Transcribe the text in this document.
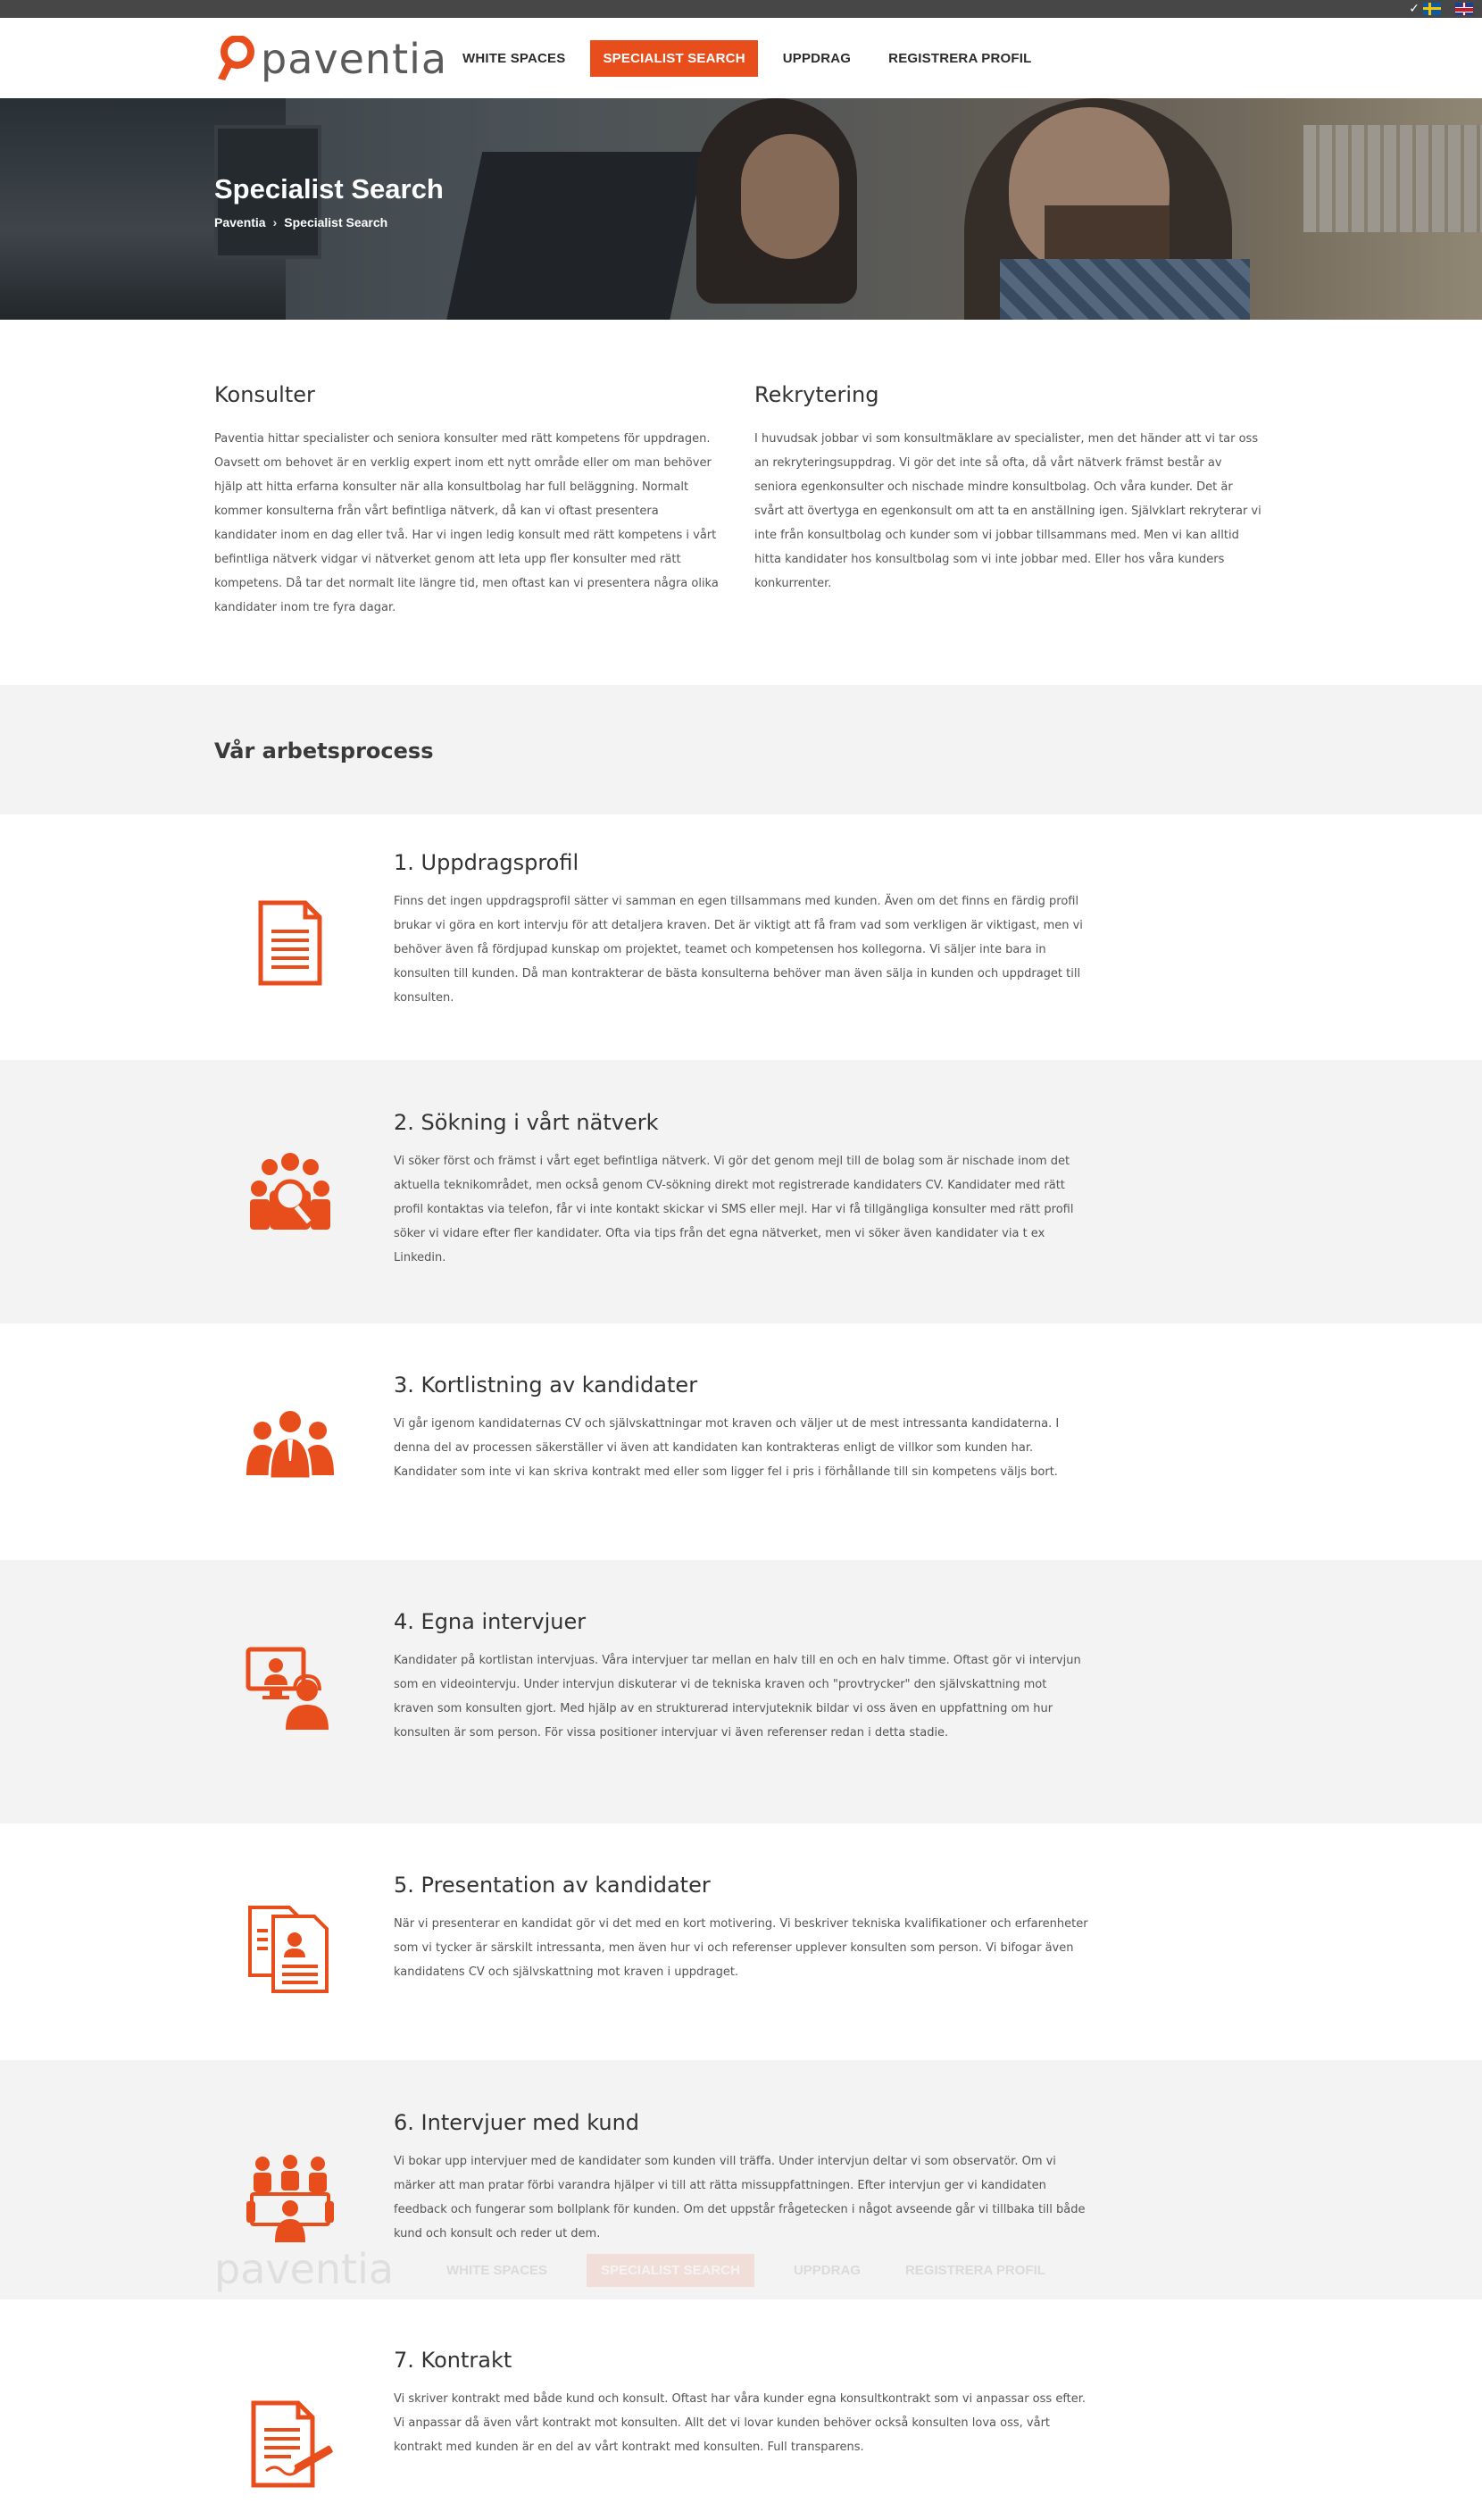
✓
paventia	WHITE SPACES	SPECIALIST SEARCH	UPPDRAG	REGISTRERA PROFIL
Specialist Search
Paventia › Specialist Search
Konsulter

Paventia hittar specialister och seniora konsulter med rätt kompetens för uppdragen. Oavsett om behovet är en verklig expert inom ett nytt område eller om man behöver hjälp att hitta erfarna konsulter när alla konsultbolag har full beläggning. Normalt kommer konsulterna från vårt befintliga nätverk, då kan vi oftast presentera kandidater inom en dag eller två. Har vi ingen ledig konsult med rätt kompetens i vårt befintliga nätverk vidgar vi nätverket genom att leta upp fler konsulter med rätt kompetens. Då tar det normalt lite längre tid, men oftast kan vi presentera några olika kandidater inom tre fyra dagar.

Rekrytering

I huvudsak jobbar vi som konsultmäklare av specialister, men det händer att vi tar oss an rekryteringsuppdrag. Vi gör det inte så ofta, då vårt nätverk främst består av seniora egenkonsulter och nischade mindre konsultbolag. Och våra kunder. Det är svårt att övertyga en egenkonsult om att ta en anställning igen. Självklart rekryterar vi inte från konsultbolag och kunder som vi jobbar tillsammans med. Men vi kan alltid hitta kandidater hos konsultbolag som vi inte jobbar med. Eller hos våra kunders konkurrenter.

Vår arbetsprocess
1. Uppdragsprofil

Finns det ingen uppdragsprofil sätter vi samman en egen tillsammans med kunden. Även om det finns en färdig profil brukar vi göra en kort intervju för att detaljera kraven. Det är viktigt att få fram vad som verkligen är viktigast, men vi behöver även få fördjupad kunskap om projektet, teamet och kompetensen hos kollegorna. Vi säljer inte bara in konsulten till kunden. Då man kontrakterar de bästa konsulterna behöver man även sälja in kunden och uppdraget till konsulten.

2. Sökning i vårt nätverk

Vi söker först och främst i vårt eget befintliga nätverk. Vi gör det genom mejl till de bolag som är nischade inom det aktuella teknikområdet, men också genom CV-sökning direkt mot registrerade kandidaters CV. Kandidater med rätt profil kontaktas via telefon, får vi inte kontakt skickar vi SMS eller mejl. Har vi få tillgängliga konsulter med rätt profil söker vi vidare efter fler kandidater. Ofta via tips från det egna nätverket, men vi söker även kandidater via t ex Linkedin.

3. Kortlistning av kandidater

Vi går igenom kandidaternas CV och självskattningar mot kraven och väljer ut de mest intressanta kandidaterna. I denna del av processen säkerställer vi även att kandidaten kan kontrakteras enligt de villkor som kunden har. Kandidater som inte vi kan skriva kontrakt med eller som ligger fel i pris i förhållande till sin kompetens väljs bort.

4. Egna intervjuer

Kandidater på kortlistan intervjuas. Våra intervjuer tar mellan en halv till en och en halv timme. Oftast gör vi intervjun som en videointervju. Under intervjun diskuterar vi de tekniska kraven och "provtrycker" den självskattning mot kraven som konsulten gjort. Med hjälp av en strukturerad intervjuteknik bildar vi oss även en uppfattning om hur konsulten är som person. För vissa positioner intervjuar vi även referenser redan i detta stadie.

5. Presentation av kandidater

När vi presenterar en kandidat gör vi det med en kort motivering. Vi beskriver tekniska kvalifikationer och erfarenheter som vi tycker är särskilt intressanta, men även hur vi och referenser upplever konsulten som person. Vi bifogar även kandidatens CV och självskattning mot kraven i uppdraget.

6. Intervjuer med kund

Vi bokar upp intervjuer med de kandidater som kunden vill träffa. Under intervjun deltar vi som observatör. Om vi märker att man pratar förbi varandra hjälper vi till att rätta missuppfattningen. Efter intervjun ger vi kandidaten feedback och fungerar som bollplank för kunden. Om det uppstår frågetecken i något avseende går vi tillbaka till både kund och konsult och reder ut dem.

7. Kontrakt

Vi skriver kontrakt med både kund och konsult. Oftast har våra kunder egna konsultkontrakt som vi anpassar oss efter. Vi anpassar då även vårt kontrakt mot konsulten. Allt det vi lovar kunden behöver också konsulten lova oss, vårt kontrakt med kunden är en del av vårt kontrakt med konsulten. Full transparens.
